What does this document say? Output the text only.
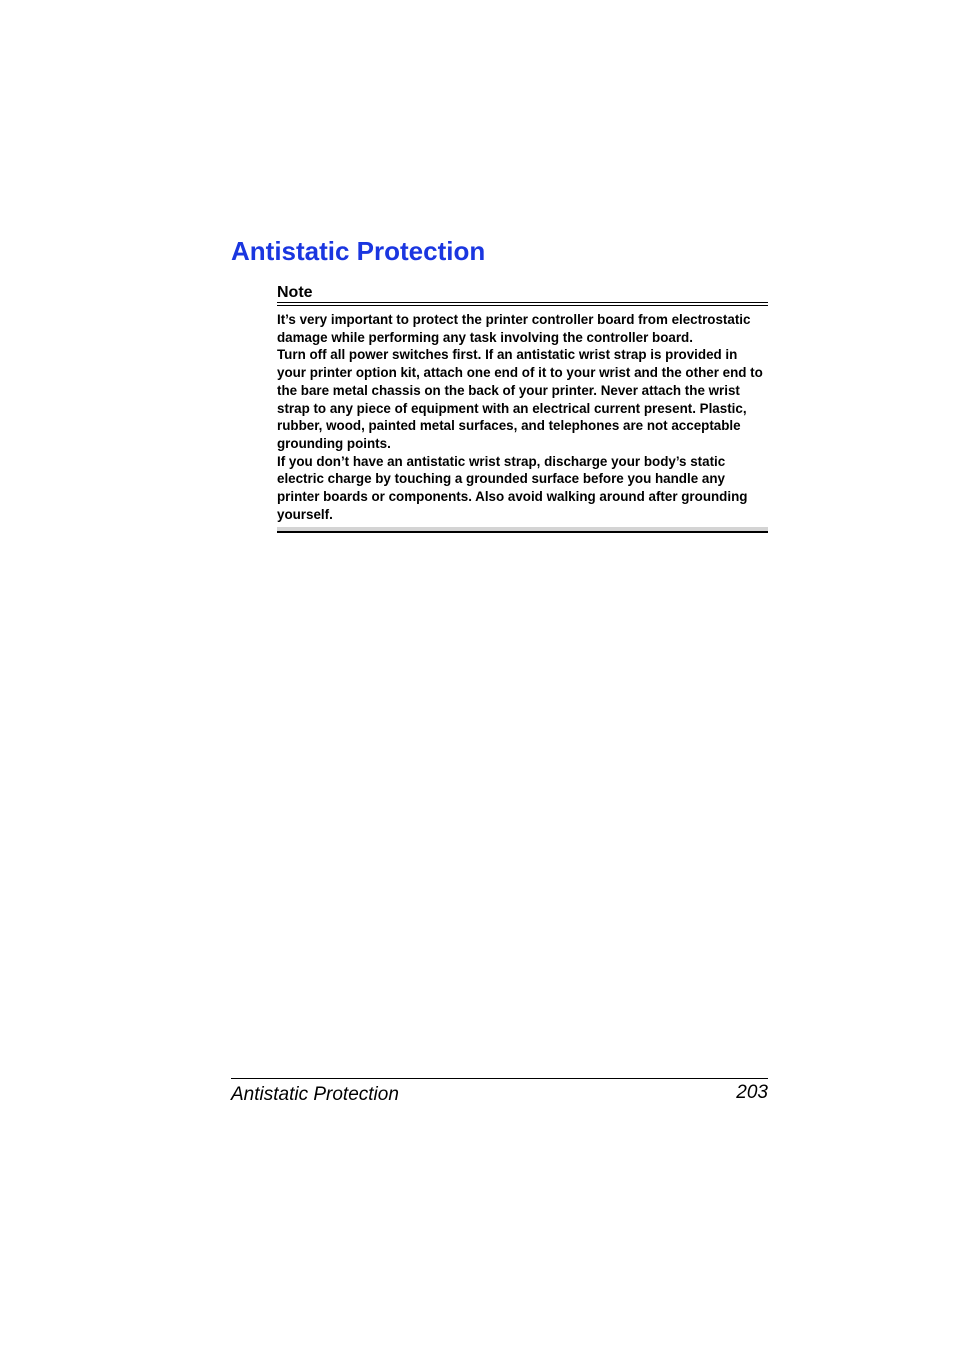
Antistatic Protection
Note

It’s very important to protect the printer controller board from electrostatic damage while performing any task involving the controller board.

Turn off all power switches first. If an antistatic wrist strap is provided in your printer option kit, attach one end of it to your wrist and the other end to the bare metal chassis on the back of your printer. Never attach the wrist strap to any piece of equipment with an electrical current present. Plastic, rubber, wood, painted metal surfaces, and telephones are not acceptable grounding points.

If you don’t have an antistatic wrist strap, discharge your body’s static electric charge by touching a grounded surface before you handle any printer boards or components. Also avoid walking around after grounding yourself.

Antistatic Protection	203
